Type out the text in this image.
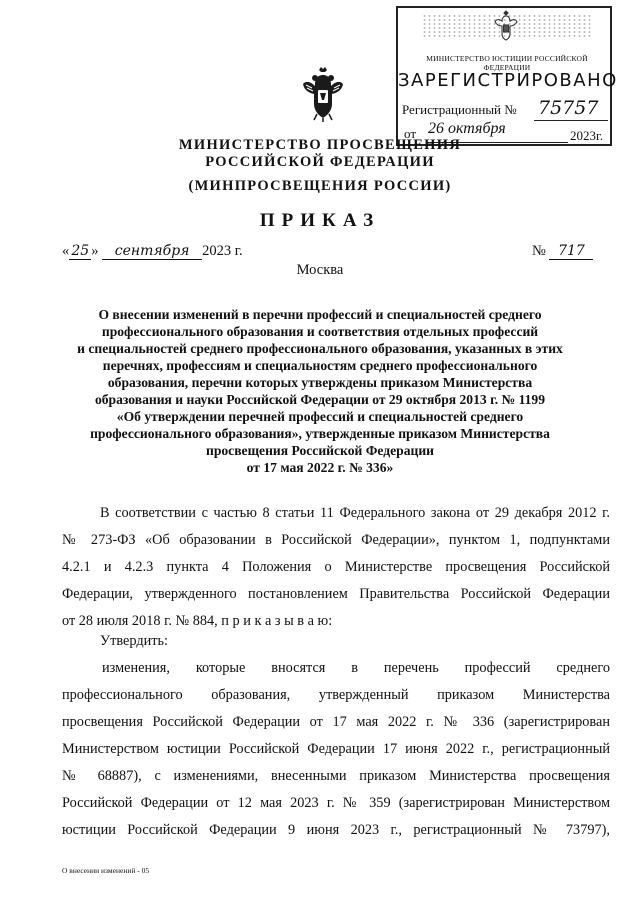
МИНИСТЕРСТВО ЮСТИЦИИ РОССИЙСКОЙ ФЕДЕРАЦИИ
ЗАРЕГИСТРИРОВАНО
Регистрационный № 75757
от 26 октября	2023г.
МИНИСТЕРСТВО ПРОСВЕЩЕНИЯ
РОССИЙСКОЙ ФЕДЕРАЦИИ
(МИНПРОСВЕЩЕНИЯ РОССИИ)
ПРИКАЗ
« 25 » сентября 2023 г.	№ 717
Москва
О внесении изменений в перечни профессий и специальностей среднего
профессионального образования и соответствия отдельных профессий
и специальностей среднего профессионального образования, указанных в этих
перечнях, профессиям и специальностям среднего профессионального
образования, перечни которых утверждены приказом Министерства
образования и науки Российской Федерации от 29 октября 2013 г. № 1199
«Об утверждении перечней профессий и специальностей среднего
профессионального образования», утвержденные приказом Министерства
просвещения Российской Федерации
от 17 мая 2022 г. № 336»
В соответствии с частью 8 статьи 11 Федерального закона от 29 декабря 2012 г.
№ 273-ФЗ «Об образовании в Российской Федерации», пунктом 1, подпунктами
4.2.1 и 4.2.3 пункта 4 Положения о Министерстве просвещения Российской
Федерации, утвержденного постановлением Правительства Российской Федерации
от 28 июля 2018 г. № 884, п р и к а з ы в а ю:
Утвердить:
изменения, которые вносятся в перечень профессий среднего
профессионального образования, утвержденный приказом Министерства
просвещения Российской Федерации от 17 мая 2022 г. № 336 (зарегистрирован
Министерством юстиции Российской Федерации 17 июня 2022 г., регистрационный
№ 68887), с изменениями, внесенными приказом Министерства просвещения
Российской Федерации от 12 мая 2023 г. № 359 (зарегистрирован Министерством
юстиции Российской Федерации 9 июня 2023 г., регистрационный № 73797),
О внесении изменений - 05
